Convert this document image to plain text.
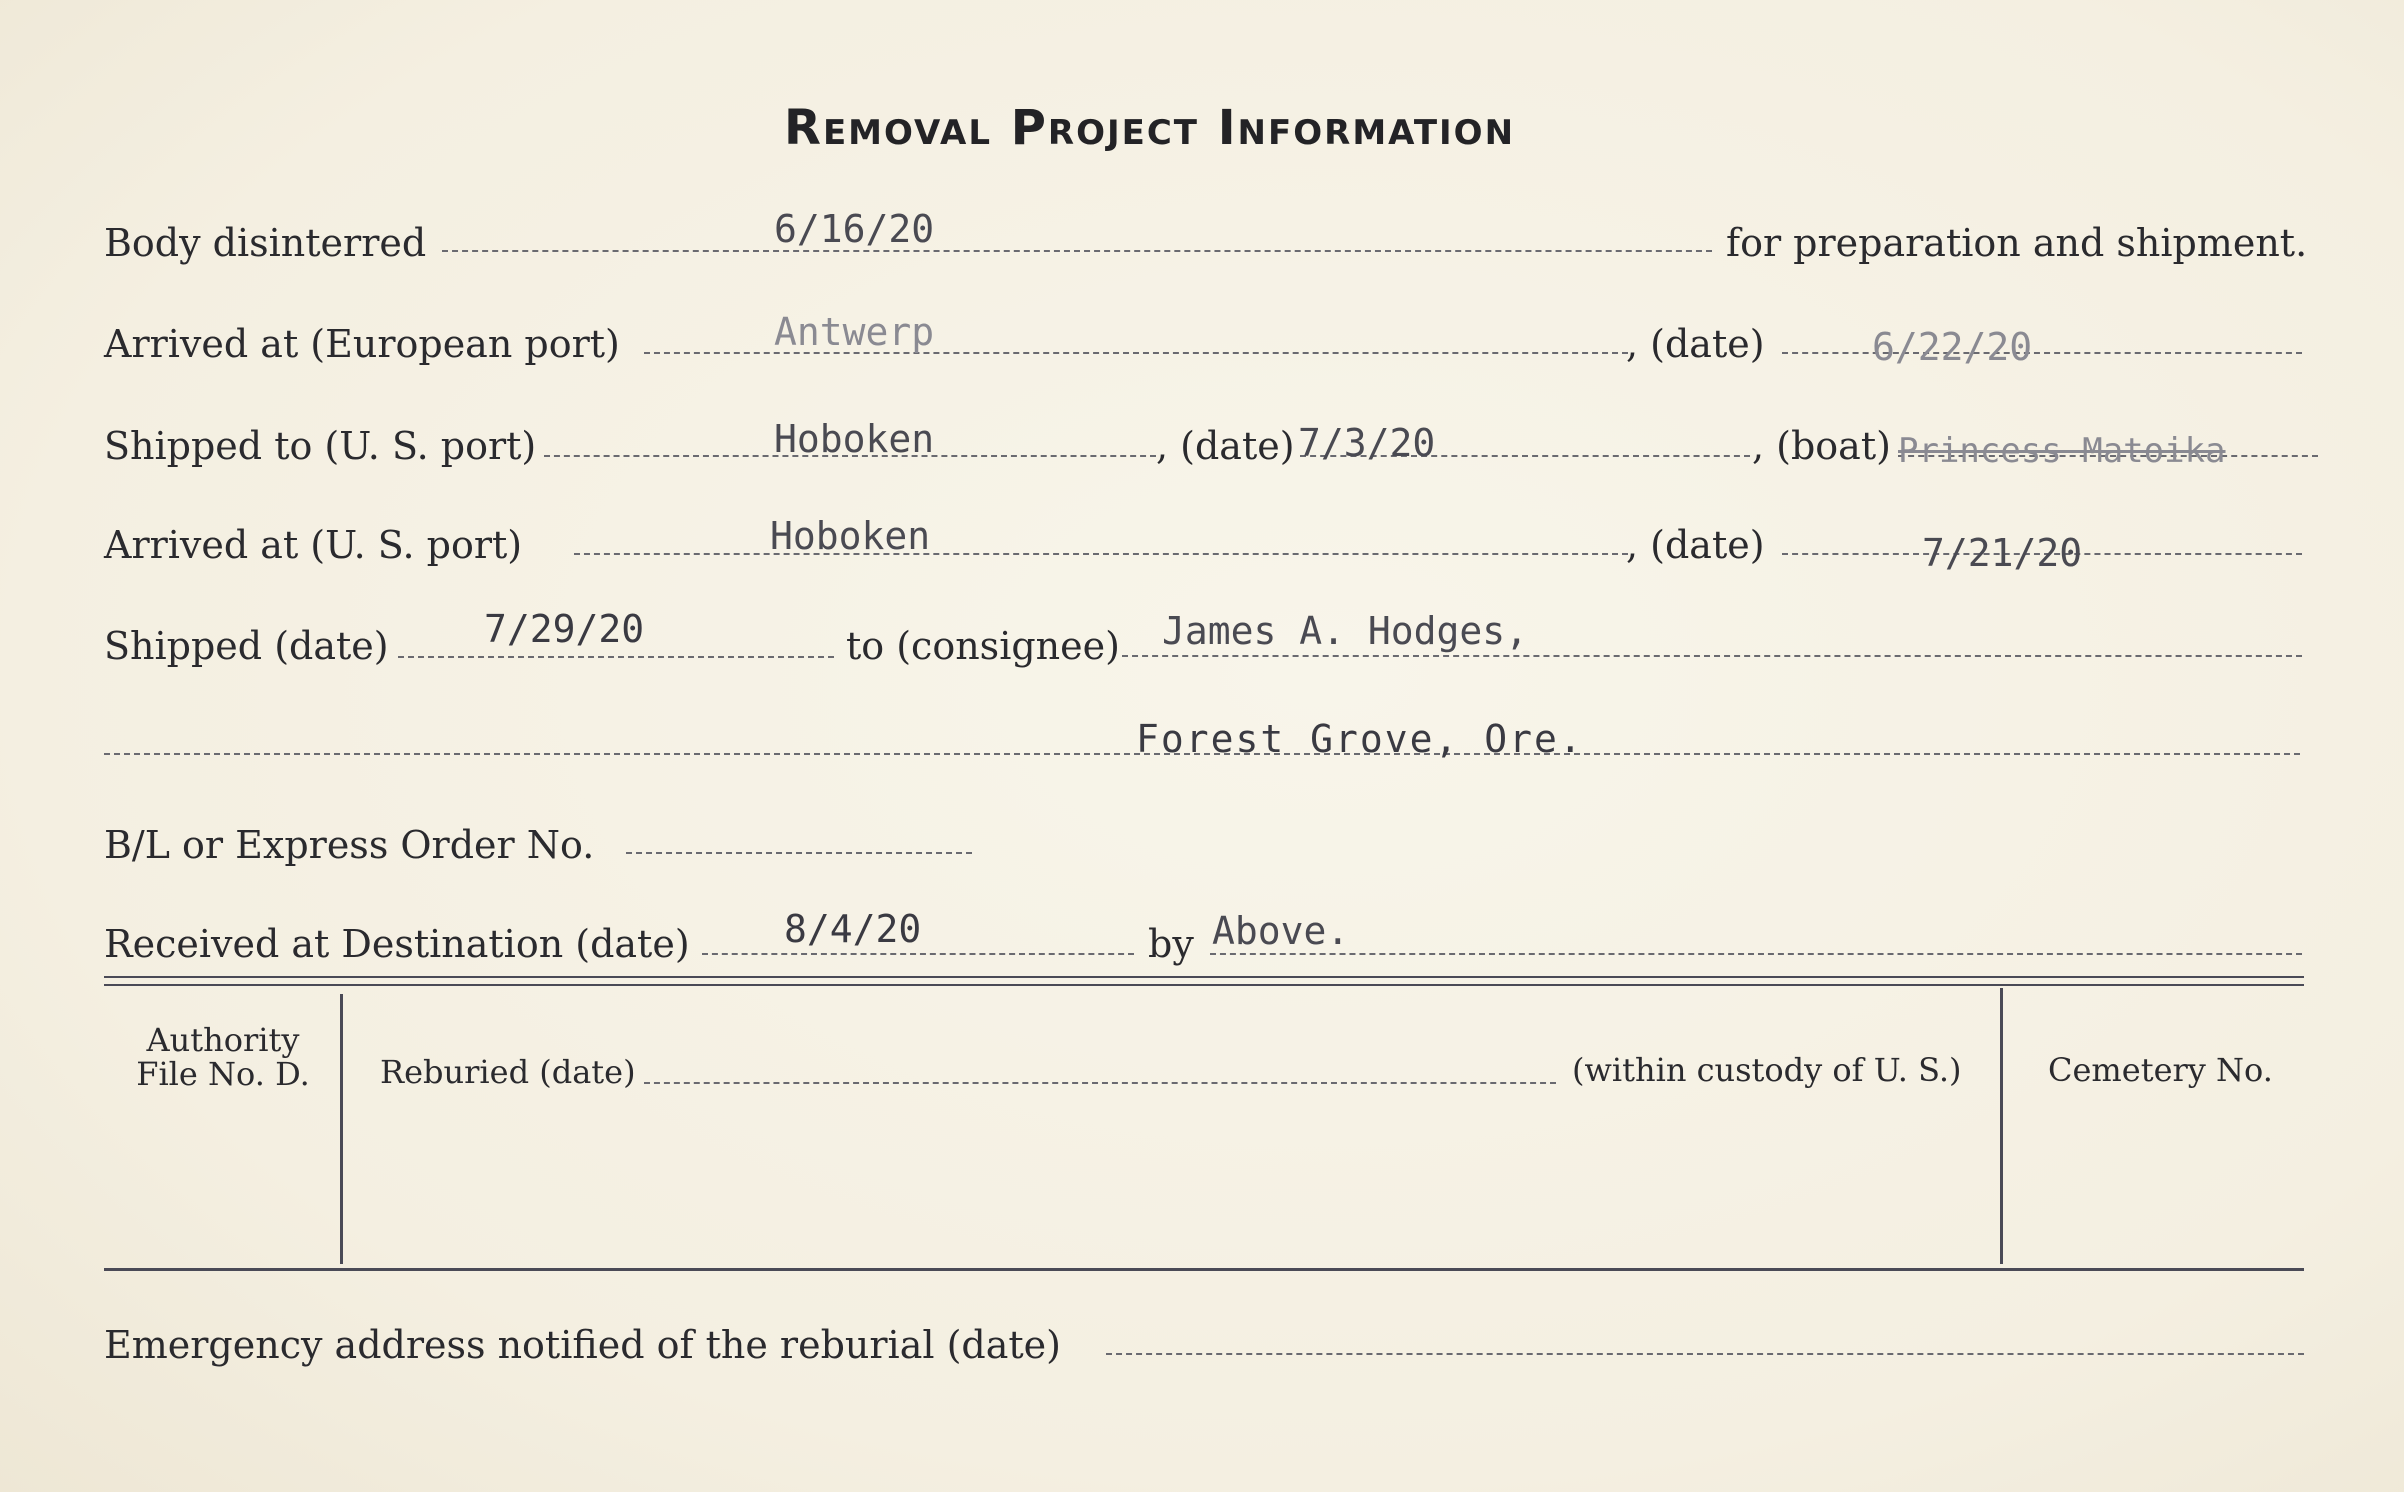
Removal Project Information
Body disinterred	6/16/20	for preparation and shipment.
Arrived at (European port)	Antwerp	, (date)	6/22/20
Shipped to (U. S. port)	Hoboken	, (date) 7/3/20	, (boat) Princess Matoika
Arrived at (U. S. port)	Hoboken	, (date)	7/21/20
Shipped (date)	7/29/20	to (consignee) James A. Hodges,
Forest Grove, Ore.
B/L or Express Order No.
Received at Destination (date) 8/4/20	by Above.
Authority
File No. D.	Reburied (date)	(within custody of U. S.)	Cemetery No.
Emergency address notified of the reburial (date)
